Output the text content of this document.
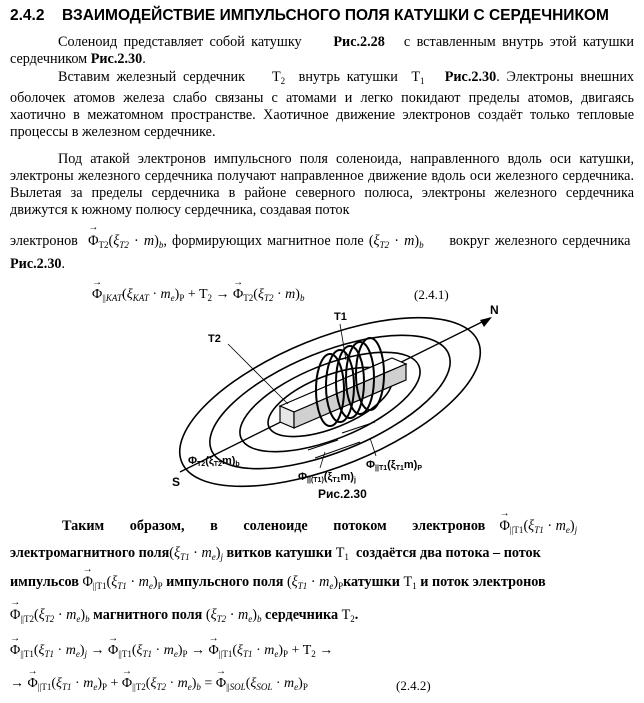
2.4.2 ВЗАИМОДЕЙСТВИЕ ИМПУЛЬСНОГО ПОЛЯ КАТУШКИ С СЕРДЕЧНИКОМ
Соленоид представляет собой катушку Рис.2.28 с вставленным внутрь этой катушки сердечником Рис.2.30.
Вставим железный сердечник $T_2$ внутрь катушки $T_1$ Рис.2.30. Электроны внешних оболочек атомов железа слабо связаны с атомами и легко покидают пределы атомов, двигаясь хаотично в межатомном пространстве. Хаотичное движение электронов создаёт только тепловые процессы в железном сердечнике.
Под атакой электронов импульсного поля соленоида, направленного вдоль оси катушки, электроны железного сердечника получают направленное движение вдоль оси железного сердечника. Вылетая за пределы сердечника в районе северного полюса, электроны железного сердечника движутся к южному полюсу сердечника, создавая поток
электронов → $\Phi_{T2}(\xi_{T2} \cdot m)_b$, формирующих магнитное поле $(\xi_{T2} \cdot m)_b$ вокруг железного сердечника  Рис.2.30.
→ $\Phi_{||KAT}(\xi_{KAT} \cdot m_e)_P + T_2$ → → $\Phi_{T2}(\xi_{T2} \cdot m)_b$	(2.4.1)
T2
T1	N
S
ΦT2(ξT2m)b
Φ||(T1)(ξT1m)j
Φ||T1(ξT1m)P
Рис.2.30
Таким образом, в соленоиде потоком электронов → $\Phi_{||T1}(\xi_{T1} \cdot m_e)_j$
электромагнитного $поля(\xi_{T1} \cdot m_e)_j$ витков катушки $T_1$ создаётся два потока – поток
импульсов → $\Phi_{||T1}(\xi_{T1} \cdot m_e)_P$ импульсного поля ($\xi_{T1}$ · $m_e)_Pкатушки$ $T_1$ и поток электронов
→ $\Phi_{||T2}(\xi_{T2} \cdot m_e)_b$ магнитного поля $(\xi_{T2} \cdot m_e)_b$ сердечника $T_2$.
→ $\Phi_{||T1}(\xi_{T1} \cdot m_e)_j$ → → $\Phi_{||T1}(\xi_{T1} \cdot m_e)_P$ → → $\Phi_{||T1}(\xi_{T1} \cdot m_e)_P + T_2$ →
→ → $\Phi_{||T1}(\xi_{T1} \cdot m_e)_P$ + → $\Phi_{||T2}(\xi_{T2} \cdot m_e)_b$ = → $\Phi_{||SOL}(\xi_{SOL} \cdot m_e)_P$	(2.4.2)
